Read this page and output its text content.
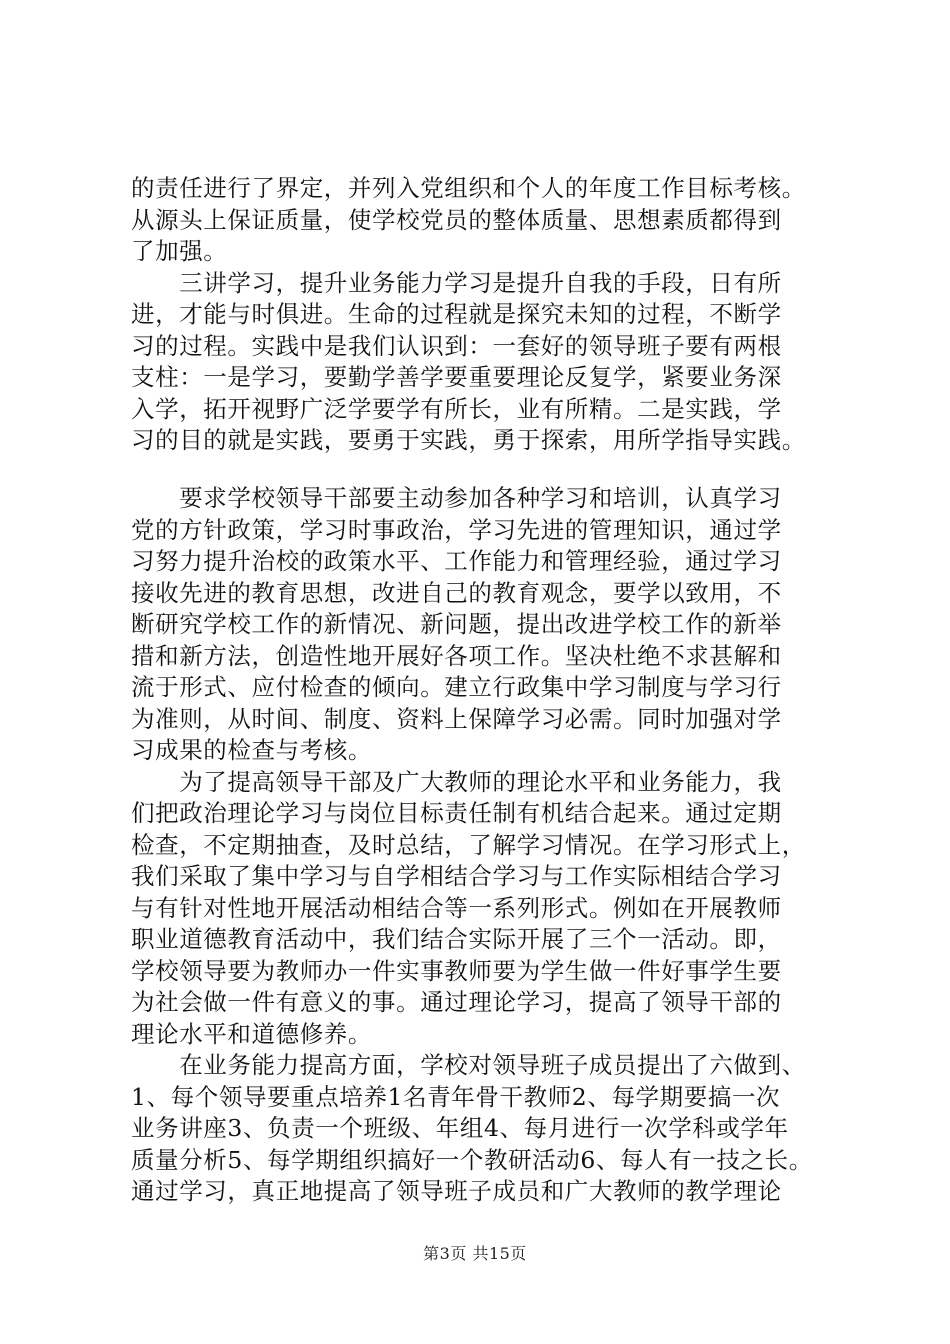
的责任进行了界定，并列入党组织和个人的年度工作目标考核。
从源头上保证质量，使学校党员的整体质量、思想素质都得到
了加强。
　　三讲学习，提升业务能力学习是提升自我的手段，日有所
进，才能与时俱进。生命的过程就是探究未知的过程，不断学
习的过程。实践中是我们认识到：一套好的领导班子要有两根
支柱：一是学习，要勤学善学要重要理论反复学，紧要业务深
入学，拓开视野广泛学要学有所长，业有所精。二是实践，学
习的目的就是实践，要勇于实践，勇于探索，用所学指导实践。
　　要求学校领导干部要主动参加各种学习和培训，认真学习
党的方针政策，学习时事政治，学习先进的管理知识，通过学
习努力提升治校的政策水平、工作能力和管理经验，通过学习
接收先进的教育思想，改进自己的教育观念，要学以致用，不
断研究学校工作的新情况、新问题，提出改进学校工作的新举
措和新方法，创造性地开展好各项工作。坚决杜绝不求甚解和
流于形式、应付检查的倾向。建立行政集中学习制度与学习行
为准则，从时间、制度、资料上保障学习必需。同时加强对学
习成果的检查与考核。
　　为了提高领导干部及广大教师的理论水平和业务能力，我
们把政治理论学习与岗位目标责任制有机结合起来。通过定期
检查，不定期抽查，及时总结，了解学习情况。在学习形式上，
我们采取了集中学习与自学相结合学习与工作实际相结合学习
与有针对性地开展活动相结合等一系列形式。例如在开展教师
职业道德教育活动中，我们结合实际开展了三个一活动。即，
学校领导要为教师办一件实事教师要为学生做一件好事学生要
为社会做一件有意义的事。通过理论学习，提高了领导干部的
理论水平和道德修养。
　　在业务能力提高方面，学校对领导班子成员提出了六做到、
1、每个领导要重点培养1名青年骨干教师2、每学期要搞一次
业务讲座3、负责一个班级、年组4、每月进行一次学科或学年
质量分析5、每学期组织搞好一个教研活动6、每人有一技之长。
通过学习，真正地提高了领导班子成员和广大教师的教学理论
第3页 共15页
